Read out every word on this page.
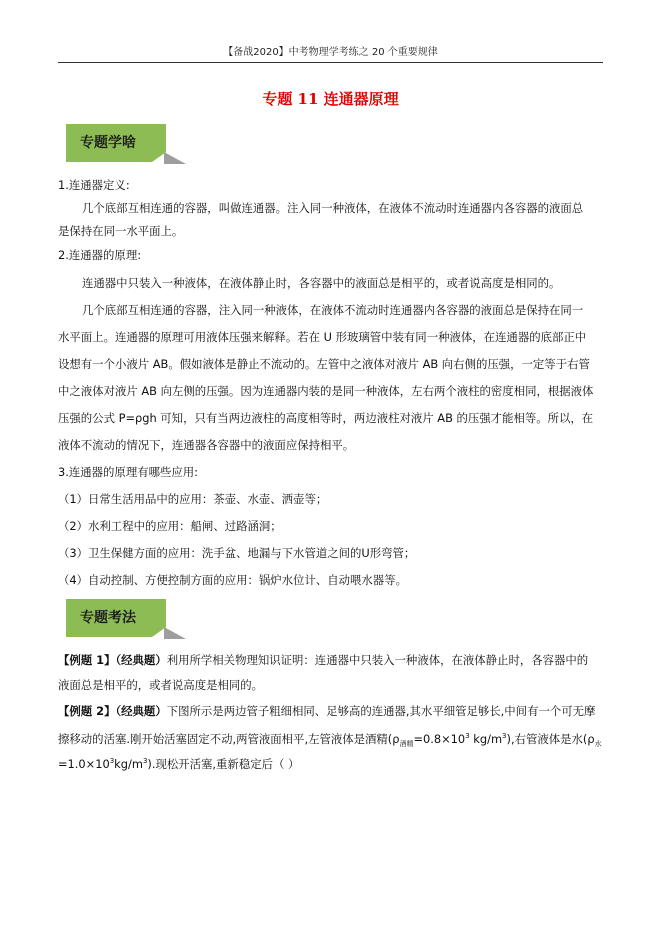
【备战2020】中考物理学考练之 20 个重要规律
专题 11 连通器原理
专题学啥
1.连通器定义:
几个底部互相连通的容器，叫做连通器。注入同一种液体，在液体不流动时连通器内各容器的液面总
是保持在同一水平面上。
2.连通器的原理:
连通器中只装入一种液体，在液体静止时，各容器中的液面总是相平的，或者说高度是相同的。
几个底部互相连通的容器，注入同一种液体，在液体不流动时连通器内各容器的液面总是保持在同一
水平面上。连通器的原理可用液体压强来解释。若在 U 形玻璃管中装有同一种液体，在连通器的底部正中
设想有一个小液片 AB。假如液体是静止不流动的。左管中之液体对液片 AB 向右侧的压强，一定等于右管
中之液体对液片 AB 向左侧的压强。因为连通器内装的是同一种液体，左右两个液柱的密度相同，根据液体
压强的公式 P=ρgh 可知，只有当两边液柱的高度相等时，两边液柱对液片 AB 的压强才能相等。所以，在
液体不流动的情况下，连通器各容器中的液面应保持相平。
3.连通器的原理有哪些应用:
（1）日常生活用品中的应用：茶壶、水壶、洒壶等；
（2）水利工程中的应用：船闸、过路涵洞；
（3）卫生保健方面的应用：洗手盆、地漏与下水管道之间的U形弯管；
（4）自动控制、方便控制方面的应用：锅炉水位计、自动喂水器等。
专题考法
【例题 1】（经典题）利用所学相关物理知识证明：连通器中只装入一种液体，在液体静止时，各容器中的
液面总是相平的，或者说高度是相同的。
【例题 2】（经典题）下图所示是两边管子粗细相同、足够高的连通器,其水平细管足够长,中间有一个可无摩
擦移动的活塞.刚开始活塞固定不动,两管液面相平,左管液体是酒精($\rho_{酒精}=0.8\times 10^3$ $kg/m^3$),右管液体是水($\rho_水$
$=1.0\times 10^3kg/m^3$).现松开活塞,重新稳定后（ ）
